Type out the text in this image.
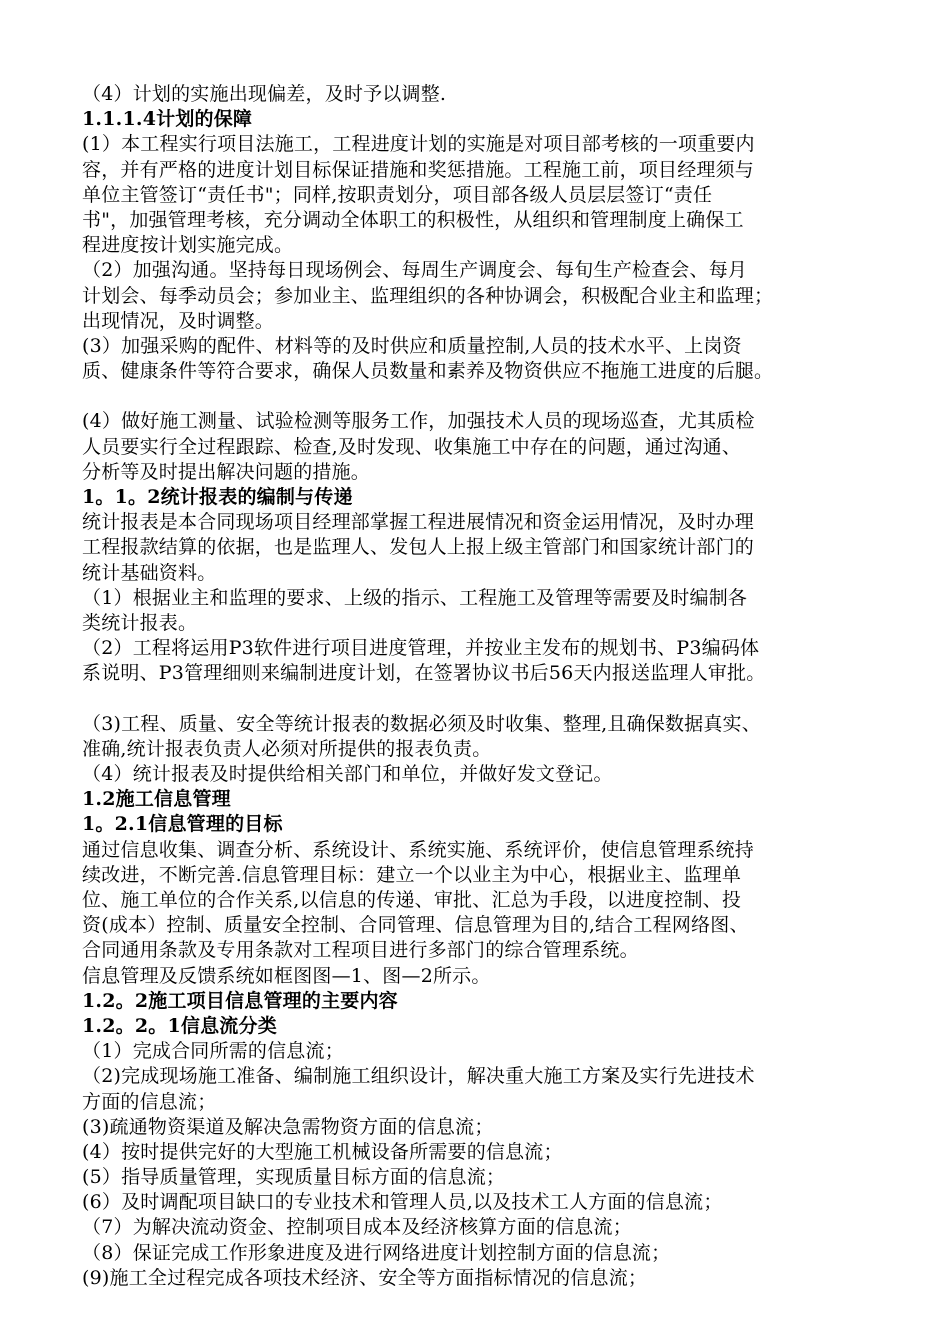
（4）计划的实施出现偏差，及时予以调整.
1.1.1.4计划的保障
(1）本工程实行项目法施工，工程进度计划的实施是对项目部考核的一项重要内
容，并有严格的进度计划目标保证措施和奖惩措施。工程施工前，项目经理须与
单位主管签订“责任书"；同样,按职责划分，项目部各级人员层层签订“责任
书"，加强管理考核，充分调动全体职工的积极性，从组织和管理制度上确保工
程进度按计划实施完成。
（2）加强沟通。坚持每日现场例会、每周生产调度会、每旬生产检查会、每月
计划会、每季动员会；参加业主、监理组织的各种协调会，积极配合业主和监理；
出现情况，及时调整。
(3）加强采购的配件、材料等的及时供应和质量控制,人员的技术水平、上岗资
质、健康条件等符合要求，确保人员数量和素养及物资供应不拖施工进度的后腿。
(4）做好施工测量、试验检测等服务工作，加强技术人员的现场巡查，尤其质检
人员要实行全过程跟踪、检查,及时发现、收集施工中存在的问题，通过沟通、
分析等及时提出解决问题的措施。
1。1。2统计报表的编制与传递
统计报表是本合同现场项目经理部掌握工程进展情况和资金运用情况，及时办理
工程报款结算的依据，也是监理人、发包人上报上级主管部门和国家统计部门的
统计基础资料。
（1）根据业主和监理的要求、上级的指示、工程施工及管理等需要及时编制各
类统计报表。
（2）工程将运用P3软件进行项目进度管理，并按业主发布的规划书、P3编码体
系说明、P3管理细则来编制进度计划，在签署协议书后56天内报送监理人审批。
（3)工程、质量、安全等统计报表的数据必须及时收集、整理,且确保数据真实、
准确,统计报表负责人必须对所提供的报表负责。
（4）统计报表及时提供给相关部门和单位，并做好发文登记。
1.2施工信息管理
1。2.1信息管理的目标
通过信息收集、调查分析、系统设计、系统实施、系统评价，使信息管理系统持
续改进，不断完善.信息管理目标：建立一个以业主为中心，根据业主、监理单
位、施工单位的合作关系,以信息的传递、审批、汇总为手段，以进度控制、投
资(成本）控制、质量安全控制、合同管理、信息管理为目的,结合工程网络图、
合同通用条款及专用条款对工程项目进行多部门的综合管理系统。
信息管理及反馈系统如框图图—1、图—2所示。
1.2。2施工项目信息管理的主要内容
1.2。2。1信息流分类
（1）完成合同所需的信息流；
（2)完成现场施工准备、编制施工组织设计，解决重大施工方案及实行先进技术
方面的信息流；
(3)疏通物资渠道及解决急需物资方面的信息流；
(4）按时提供完好的大型施工机械设备所需要的信息流；
(5）指导质量管理，实现质量目标方面的信息流；
(6）及时调配项目缺口的专业技术和管理人员,以及技术工人方面的信息流；
（7）为解决流动资金、控制项目成本及经济核算方面的信息流；
（8）保证完成工作形象进度及进行网络进度计划控制方面的信息流；
(9)施工全过程完成各项技术经济、安全等方面指标情况的信息流；
